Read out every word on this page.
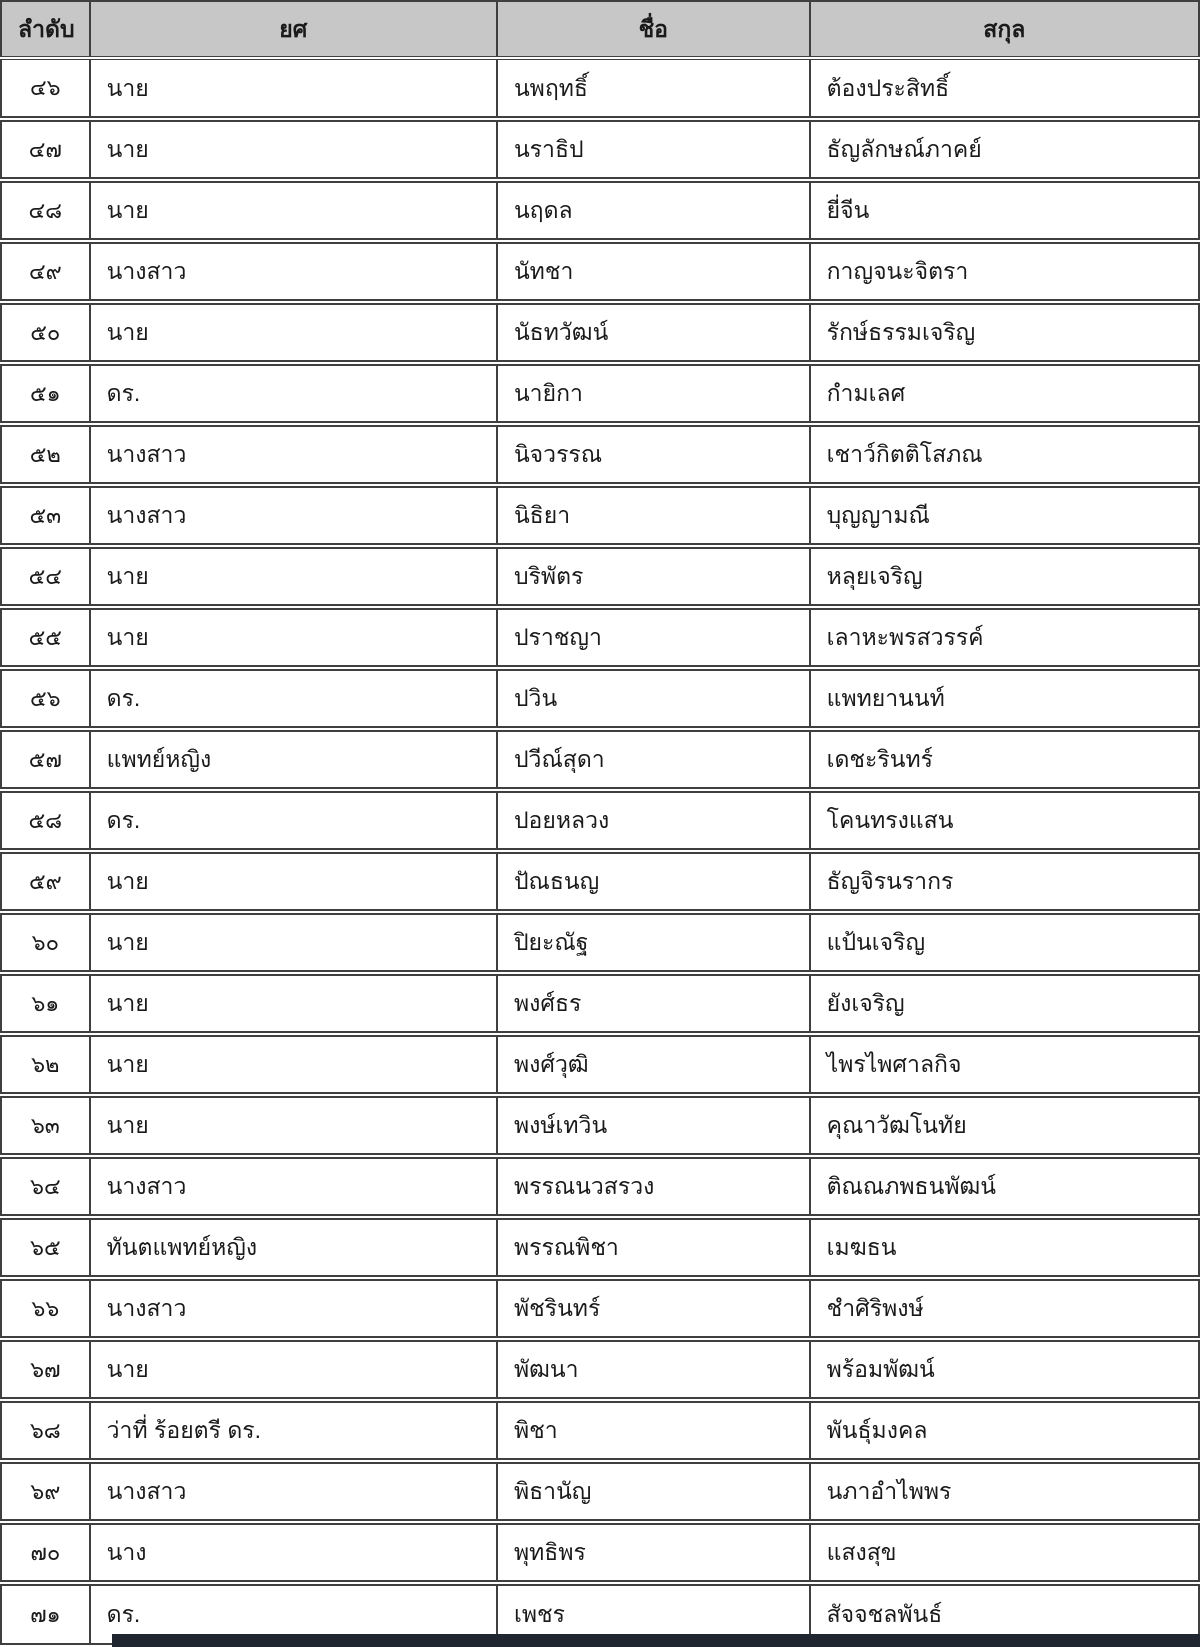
ลำดับ	ยศ	ชื่อ	สกุล
๔๖	นาย	นพฤทธิ์	ต้องประสิทธิ์
๔๗	นาย	นราธิป	ธัญลักษณ์ภาคย์
๔๘	นาย	นฤดล	ยี่จีน
๔๙	นางสาว	นัทชา	กาญจนะจิตรา
๕๐	นาย	นัธทวัฒน์	รักษ์ธรรมเจริญ
๕๑	ดร.	นายิกา	กำมเลศ
๕๒	นางสาว	นิจวรรณ	เชาว์กิตติโสภณ
๕๓	นางสาว	นิธิยา	บุญญามณี
๕๔	นาย	บริพัตร	หลุยเจริญ
๕๕	นาย	ปราชญา	เลาหะพรสวรรค์
๕๖	ดร.	ปวิน	แพทยานนท์
๕๗	แพทย์หญิง	ปวีณ์สุดา	เดชะรินทร์
๕๘	ดร.	ปอยหลวง	โคนทรงแสน
๕๙	นาย	ปัณธนญ	ธัญจิรนรากร
๖๐	นาย	ปิยะณัฐ	แป้นเจริญ
๖๑	นาย	พงศ์ธร	ยังเจริญ
๖๒	นาย	พงศ์วุฒิ	ไพรไพศาลกิจ
๖๓	นาย	พงษ์เทวิน	คุณาวัฒโนทัย
๖๔	นางสาว	พรรณนวสรวง	ติณณภพธนพัฒน์
๖๕	ทันตแพทย์หญิง	พรรณพิชา	เมฆธน
๖๖	นางสาว	พัชรินทร์	ชำศิริพงษ์
๖๗	นาย	พัฒนา	พร้อมพัฒน์
๖๘	ว่าที่ ร้อยตรี ดร.	พิชา	พันธุ์มงคล
๖๙	นางสาว	พิธานัญ	นภาอำไพพร
๗๐	นาง	พุทธิพร	แสงสุข
๗๑	ดร.	เพชร	สัจจชลพันธ์
